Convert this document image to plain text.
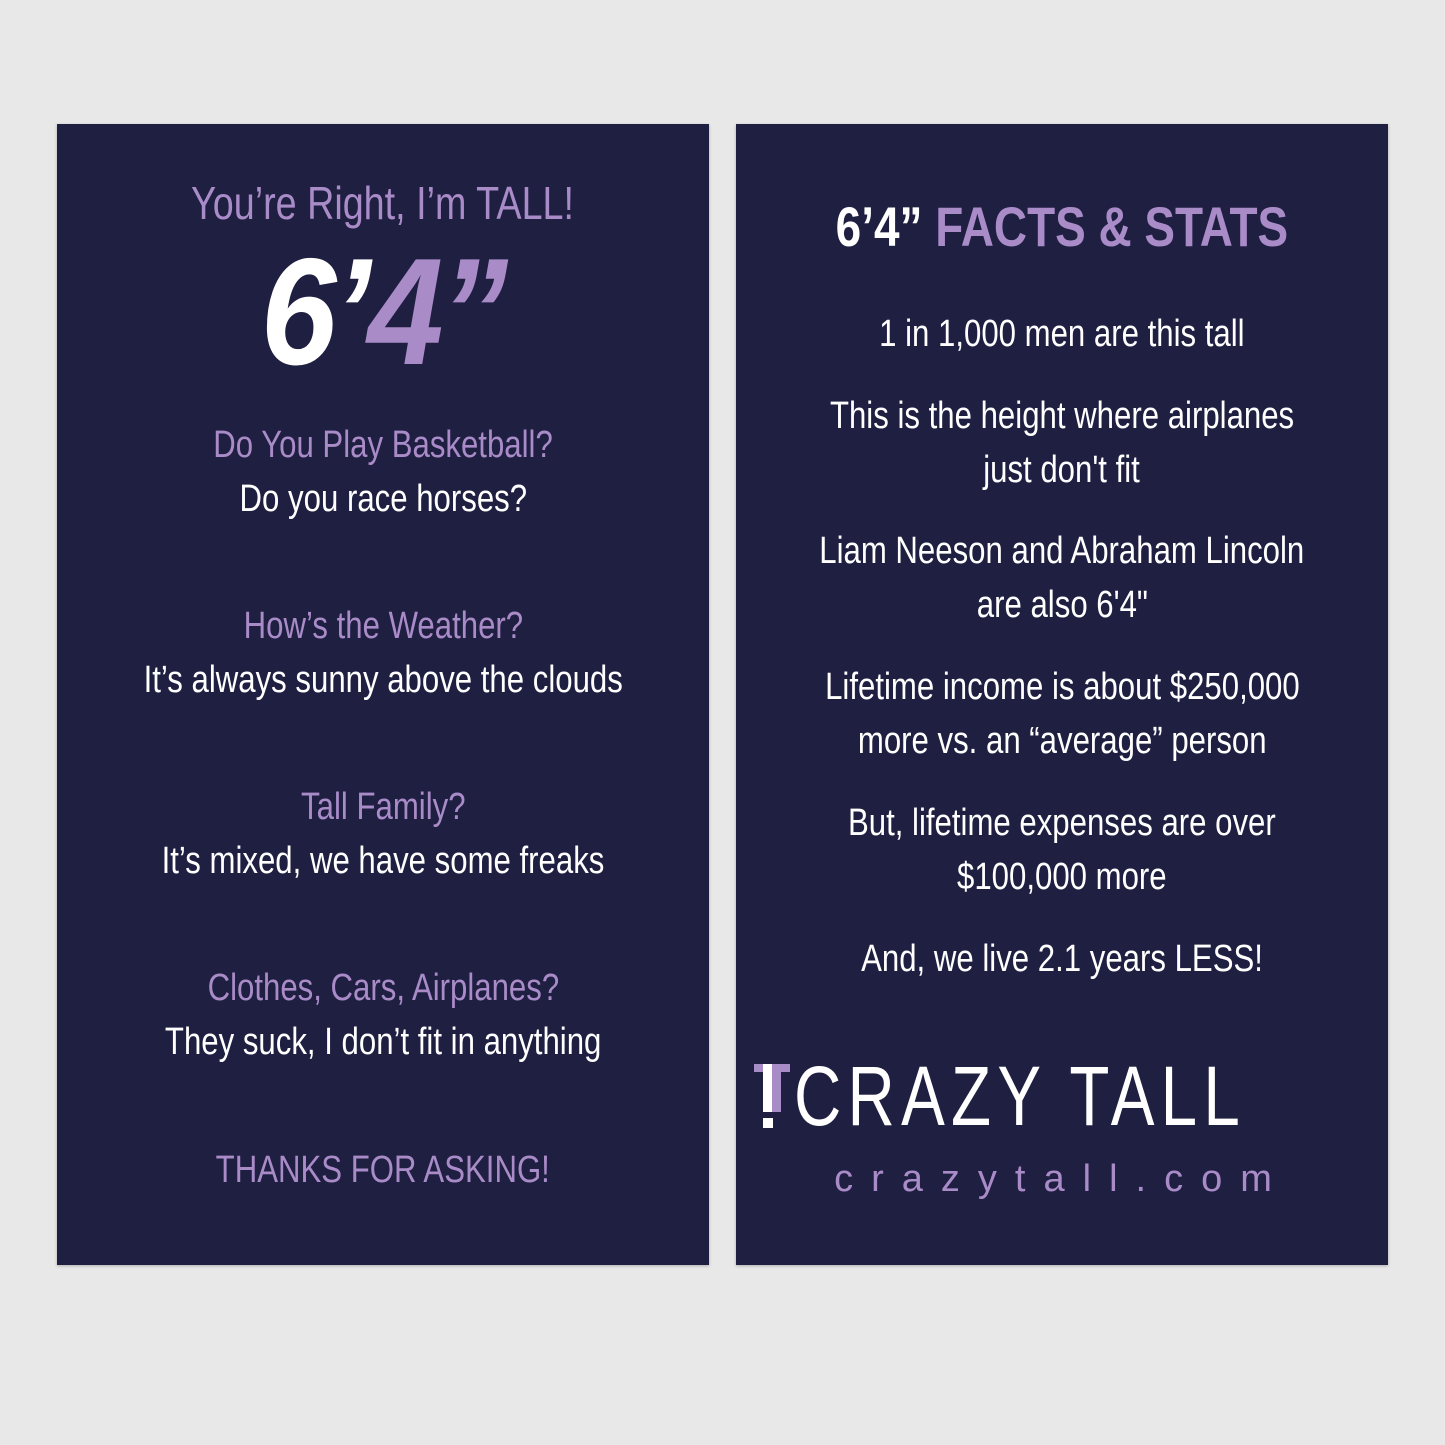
You’re Right, I’m TALL!
6’4”
Do You Play Basketball?
Do you race horses?
How’s the Weather?
It’s always sunny above the clouds
Tall Family?
It’s mixed, we have some freaks
Clothes, Cars, Airplanes?
They suck, I don’t fit in anything
THANKS FOR ASKING!
6’4” FACTS & STATS
1 in 1,000 men are this tall
This is the height where airplanes
just don't fit
Liam Neeson and Abraham Lincoln
are also 6'4"
Lifetime income is about $250,000
more vs. an “average” person
But, lifetime expenses are over
$100,000 more
And, we live 2.1 years LESS!
CRAZY TALL
crazytall.com
